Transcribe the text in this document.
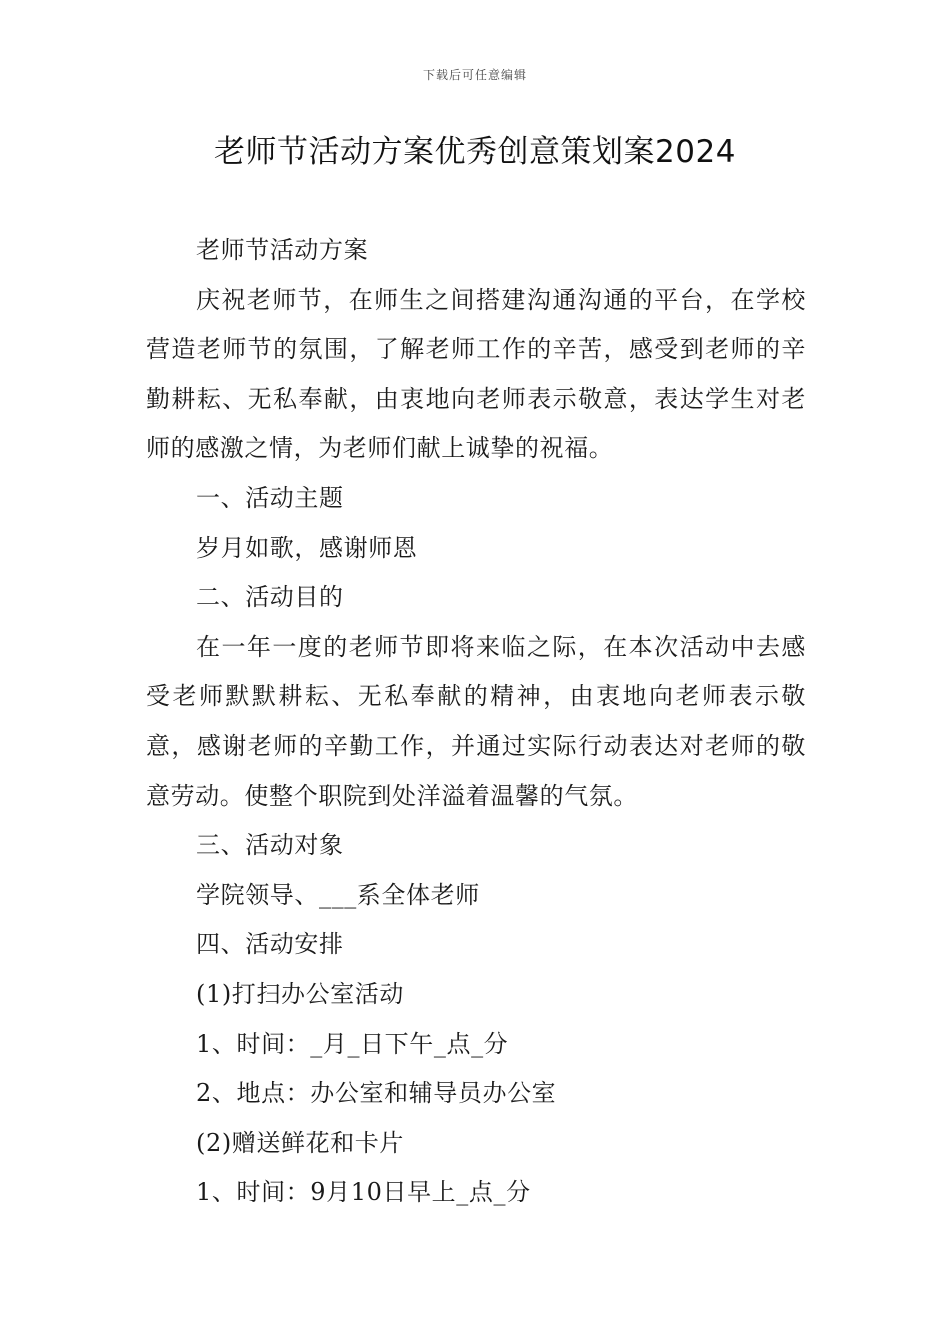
下载后可任意编辑
老师节活动方案优秀创意策划案2024

老师节活动方案

庆祝老师节，在师生之间搭建沟通沟通的平台，在学校营造老师节的氛围，了解老师工作的辛苦，感受到老师的辛勤耕耘、无私奉献，由衷地向老师表示敬意，表达学生对老师的感激之情，为老师们献上诚挚的祝福。

一、活动主题

岁月如歌，感谢师恩

二、活动目的

在一年一度的老师节即将来临之际，在本次活动中去感受老师默默耕耘、无私奉献的精神，由衷地向老师表示敬意，感谢老师的辛勤工作，并通过实际行动表达对老师的敬意劳动。使整个职院到处洋溢着温馨的气氛。

三、活动对象

学院领导、___系全体老师

四、活动安排

(1)打扫办公室活动

1、时间：_月_日下午_点_分

2、地点：办公室和辅导员办公室

(2)赠送鲜花和卡片

1、时间：9月10日早上_点_分
